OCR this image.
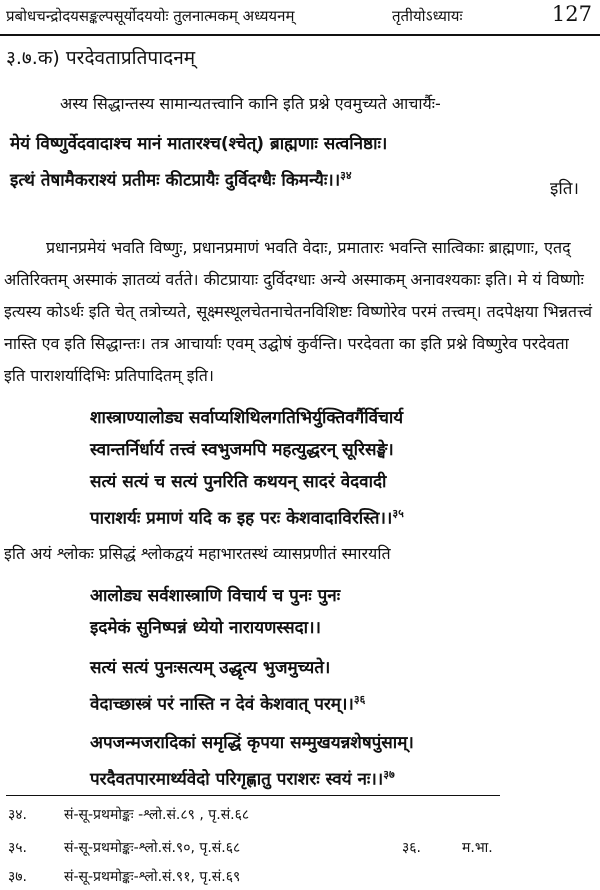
प्रबोधचन्द्रोदयसङ्कल्पसूर्योदययोः तुलनात्मकम् अध्ययनम्	तृतीयोऽध्यायः	127
३.७.क) परदेवताप्रतिपादनम्
अस्य सिद्धान्तस्य सामान्यतत्त्वानि कानि इति प्रश्ने एवमुच्यते आचार्यैः-
मेयं विष्णुर्वेदवादाश्च मानं मातारश्च(श्चेत्) ब्राह्मणाः सत्वनिष्ठाः।
इत्थं तेषामैकराश्यं प्रतीमः कीटप्रायैः दुर्विदग्धैः किमन्यैः।।$^{३४}$
इति।

प्रधानप्रमेयं भवति विष्णुः, प्रधानप्रमाणं भवति वेदाः, प्रमातारः भवन्ति सात्विकाः ब्राह्मणाः, एतद् अतिरिक्तम् अस्माकं ज्ञातव्यं वर्तते। कीटप्रायाः दुर्विदग्धाः अन्ये अस्माकम् अनावश्यकाः इति। मे यं विष्णोः इत्यस्य कोऽर्थः इति चेत् तत्रोच्यते, सूक्ष्मस्थूलचेतनाचेतनविशिष्टः विष्णोरेव परमं तत्त्वम्। तदपेक्षया भिन्नतत्त्वं नास्ति एव इति सिद्धान्तः। तत्र आचार्याः एवम् उद्घोषं कुर्वन्ति। परदेवता का इति प्रश्ने विष्णुरेव परदेवता इति पाराशर्यादिभिः प्रतिपादितम् इति।

शास्त्राण्यालोड्य सर्वाप्यशिथिलगतिभिर्युक्तिवर्गैर्विचार्य
स्वान्तर्निर्धार्य तत्त्वं स्वभुजमपि महत्युद्धरन् सूरिसङ्घे।
सत्यं सत्यं च सत्यं पुनरिति कथयन् सादरं वेदवादी
पाराशर्यः प्रमाणं यदि क इह परः केशवादाविरस्ति।।$^{३५}$

इति अयं श्लोकः प्रसिद्धं श्लोकद्वयं महाभारतस्थं व्यासप्रणीतं स्मारयति

आलोड्य सर्वशास्त्राणि विचार्य च पुनः पुनः
इदमेकं सुनिष्पन्नं ध्येयो नारायणस्सदा।।
सत्यं सत्यं पुनःसत्यम् उद्धृत्य भुजमुच्यते।
वेदाच्छास्त्रं परं नास्ति न देवं केशवात् परम्।।$^{३६}$
अपजन्मजरादिकां समृद्धिं कृपया सम्मुखयन्नशेषपुंसाम्।
परदैवतपारमार्थ्यवेदो परिगृह्णातु पराशरः स्वयं नः।।$^{३७}$
३४.	सं-सू-प्रथमोङ्कः -श्लो.सं.८९ , पृ.सं.६८
३५.	सं-सू-प्रथमोङ्कः-श्लो.सं.९०, पृ.सं.६८	३६.	म.भा.
३७.	सं-सू-प्रथमोङ्कः-श्लो.सं.९१, पृ.सं.६९
